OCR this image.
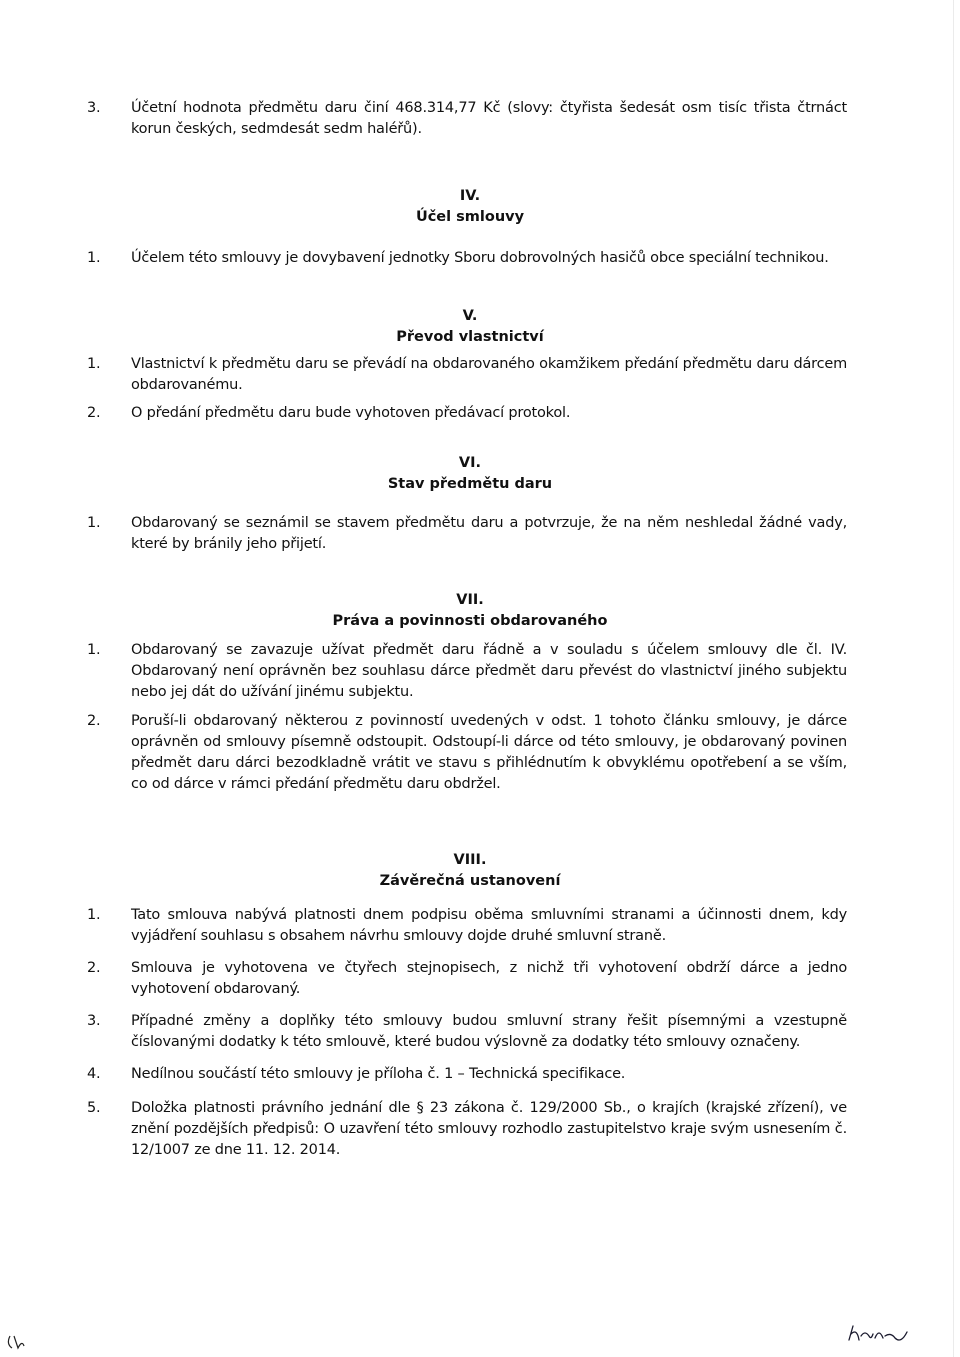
3. Účetní hodnota předmětu daru činí 468.314,77 Kč (slovy: čtyřista šedesát osm tisíc třista čtrnáct korun českých, sedmdesát sedm haléřů).
IV.
Účel smlouvy
1. Účelem této smlouvy je dovybavení jednotky Sboru dobrovolných hasičů obce speciální technikou.
V.
Převod vlastnictví
1. Vlastnictví k předmětu daru se převádí na obdarovaného okamžikem předání předmětu daru dárcem obdarovanému.
2. O předání předmětu daru bude vyhotoven předávací protokol.
VI.
Stav předmětu daru
1. Obdarovaný se seznámil se stavem předmětu daru a potvrzuje, že na něm neshledal žádné vady, které by bránily jeho přijetí.
VII.
Práva a povinnosti obdarovaného
1. Obdarovaný se zavazuje užívat předmět daru řádně a v souladu s účelem smlouvy dle čl. IV. Obdarovaný není oprávněn bez souhlasu dárce předmět daru převést do vlastnictví jiného subjektu nebo jej dát do užívání jinému subjektu.
2. Poruší-li obdarovaný některou z povinností uvedených v odst. 1 tohoto článku smlouvy, je dárce oprávněn od smlouvy písemně odstoupit. Odstoupí-li dárce od této smlouvy, je obdarovaný povinen předmět daru dárci bezodkladně vrátit ve stavu s přihlédnutím k obvyklému opotřebení a se vším, co od dárce v rámci předání předmětu daru obdržel.
VIII.
Závěrečná ustanovení
1. Tato smlouva nabývá platnosti dnem podpisu oběma smluvními stranami a účinnosti dnem, kdy vyjádření souhlasu s obsahem návrhu smlouvy dojde druhé smluvní straně.
2. Smlouva je vyhotovena ve čtyřech stejnopisech, z nichž tři vyhotovení obdrží dárce a jedno vyhotovení obdarovaný.
3. Případné změny a doplňky této smlouvy budou smluvní strany řešit písemnými a vzestupně číslovanými dodatky k této smlouvě, které budou výslovně za dodatky této smlouvy označeny.
4. Nedílnou součástí této smlouvy je příloha č. 1 – Technická specifikace.
5. Doložka platnosti právního jednání dle § 23 zákona č. 129/2000 Sb., o krajích (krajské zřízení), ve znění pozdějších předpisů: O uzavření této smlouvy rozhodlo zastupitelstvo kraje svým usnesením č. 12/1007 ze dne 11. 12. 2014.
